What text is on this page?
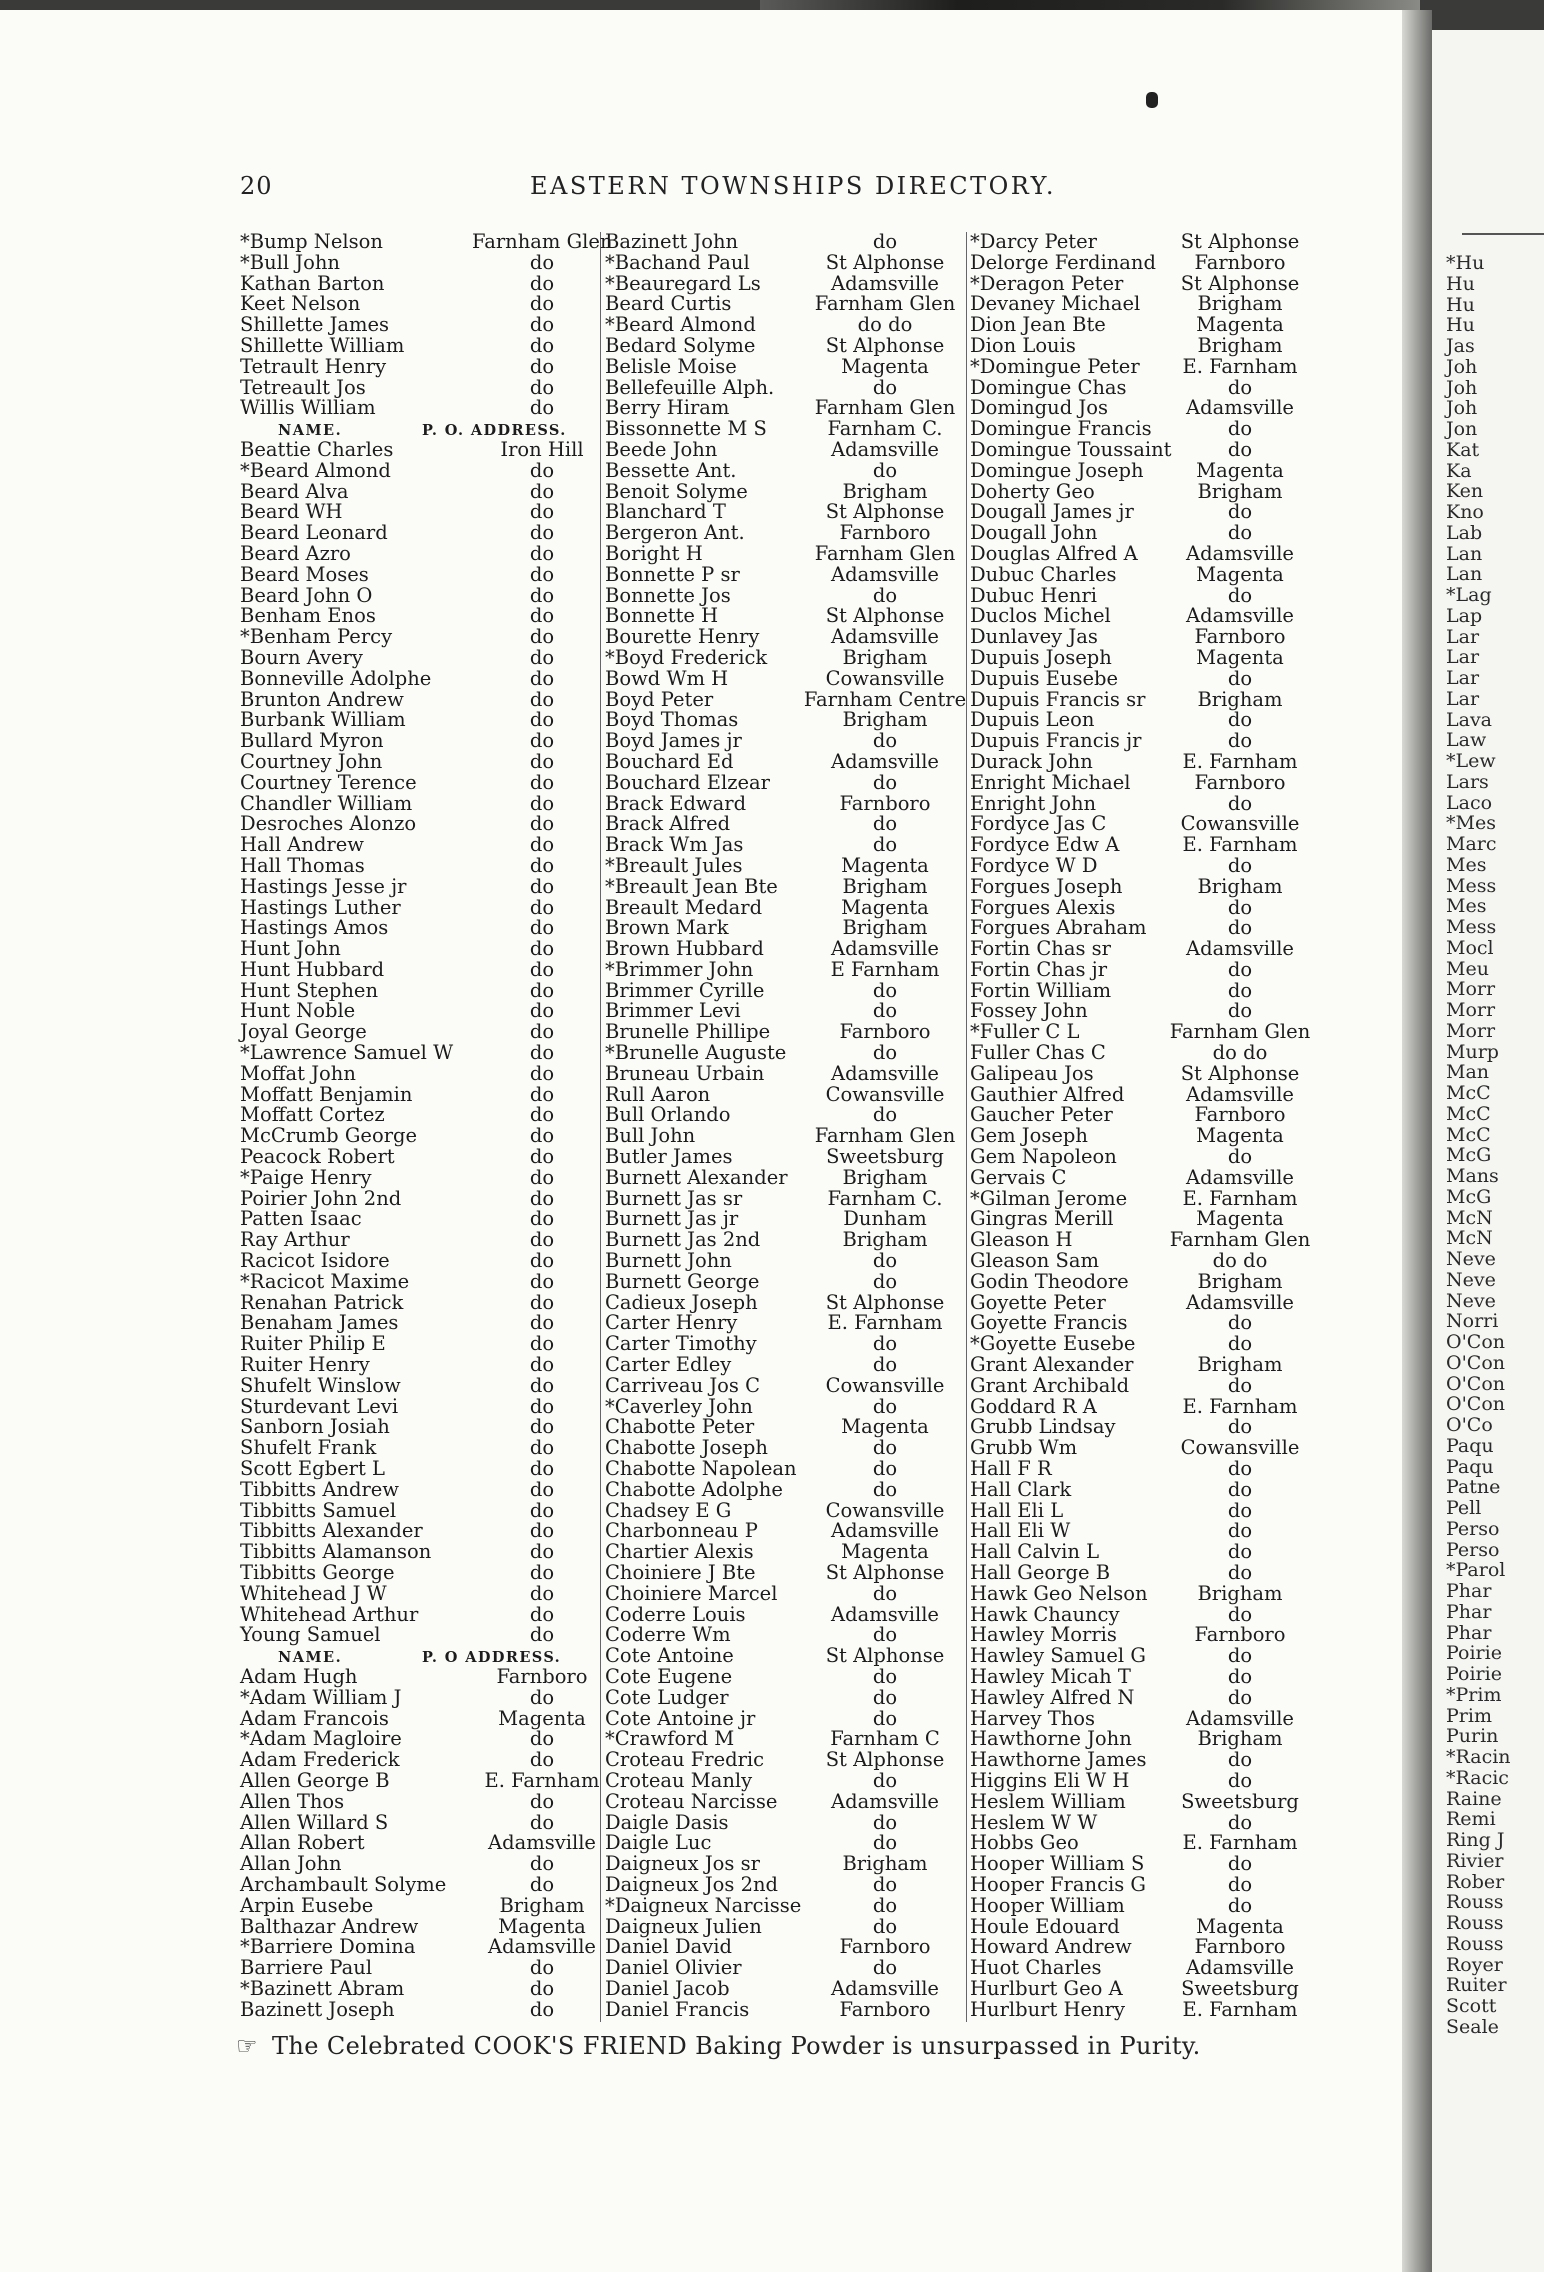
*Hu
Hu
Hu
Hu
Jas
Joh
Joh
Joh
Jon
Kat
Ka
Ken
Kno
Lab
Lan
Lan
*Lag
Lap
Lar
Lar
Lar
Lar
Lava
Law
*Lew
Lars
Laco
*Mes
Marc
Mes
Mess
Mes
Mess
Mocl
Meu
Morr
Morr
Morr
Murp
Man
McC
McC
McC
McG
Mans
McG
McN
McN
Neve
Neve
Neve
Norri
O'Con
O'Con
O'Con
O'Con
O'Co
Paqu
Paqu
Patne
Pell
Perso
Perso
*Parol
Phar
Phar
Phar
Poirie
Poirie
*Prim
Prim
Purin
*Racin
*Racic
Raine
Remi
Ring J
Rivier
Rober
Rouss
Rouss
Rouss
Royer
Ruiter
Scott
Seale
20	EASTERN TOWNSHIPS DIRECTORY.
*Bump Nelson	Farnham Glen
*Bull John	do
Kathan Barton	do
Keet Nelson	do
Shillette James	do
Shillette William	do
Tetrault Henry	do
Tetreault Jos	do
Willis William	do
NAME.	P. O. ADDRESS.
Beattie Charles	Iron Hill
*Beard Almond	do
Beard Alva	do
Beard WH	do
Beard Leonard	do
Beard Azro	do
Beard Moses	do
Beard John O	do
Benham Enos	do
*Benham Percy	do
Bourn Avery	do
Bonneville Adolphe	do
Brunton Andrew	do
Burbank William	do
Bullard Myron	do
Courtney John	do
Courtney Terence	do
Chandler William	do
Desroches Alonzo	do
Hall Andrew	do
Hall Thomas	do
Hastings Jesse jr	do
Hastings Luther	do
Hastings Amos	do
Hunt John	do
Hunt Hubbard	do
Hunt Stephen	do
Hunt Noble	do
Joyal George	do
*Lawrence Samuel W	do
Moffat John	do
Moffatt Benjamin	do
Moffatt Cortez	do
McCrumb George	do
Peacock Robert	do
*Paige Henry	do
Poirier John 2nd	do
Patten Isaac	do
Ray Arthur	do
Racicot Isidore	do
*Racicot Maxime	do
Renahan Patrick	do
Benaham James	do
Ruiter Philip E	do
Ruiter Henry	do
Shufelt Winslow	do
Sturdevant Levi	do
Sanborn Josiah	do
Shufelt Frank	do
Scott Egbert L	do
Tibbitts Andrew	do
Tibbitts Samuel	do
Tibbitts Alexander	do
Tibbitts Alamanson	do
Tibbitts George	do
Whitehead J W	do
Whitehead Arthur	do
Young Samuel	do
NAME.	P. O ADDRESS.
Adam Hugh	Farnboro
*Adam William J	do
Adam Francois	Magenta
*Adam Magloire	do
Adam Frederick	do
Allen George B	E. Farnham
Allen Thos	do
Allen Willard S	do
Allan Robert	Adamsville
Allan John	do
Archambault Solyme	do
Arpin Eusebe	Brigham
Balthazar Andrew	Magenta
*Barriere Domina	Adamsville
Barriere Paul	do
*Bazinett Abram	do
Bazinett Joseph	do
Bazinett John	do
*Bachand Paul	St Alphonse
*Beauregard Ls	Adamsville
Beard Curtis	Farnham Glen
*Beard Almond	do do
Bedard Solyme	St Alphonse
Belisle Moise	Magenta
Bellefeuille Alph.	do
Berry Hiram	Farnham Glen
Bissonnette M S	Farnham C.
Beede John	Adamsville
Bessette Ant.	do
Benoit Solyme	Brigham
Blanchard T	St Alphonse
Bergeron Ant.	Farnboro
Boright H	Farnham Glen
Bonnette P sr	Adamsville
Bonnette Jos	do
Bonnette H	St Alphonse
Bourette Henry	Adamsville
*Boyd Frederick	Brigham
Bowd Wm H	Cowansville
Boyd Peter	Farnham Centre
Boyd Thomas	Brigham
Boyd James jr	do
Bouchard Ed	Adamsville
Bouchard Elzear	do
Brack Edward	Farnboro
Brack Alfred	do
Brack Wm Jas	do
*Breault Jules	Magenta
*Breault Jean Bte	Brigham
Breault Medard	Magenta
Brown Mark	Brigham
Brown Hubbard	Adamsville
*Brimmer John	E Farnham
Brimmer Cyrille	do
Brimmer Levi	do
Brunelle Phillipe	Farnboro
*Brunelle Auguste	do
Bruneau Urbain	Adamsville
Rull Aaron	Cowansville
Bull Orlando	do
Bull John	Farnham Glen
Butler James	Sweetsburg
Burnett Alexander	Brigham
Burnett Jas sr	Farnham C.
Burnett Jas jr	Dunham
Burnett Jas 2nd	Brigham
Burnett John	do
Burnett George	do
Cadieux Joseph	St Alphonse
Carter Henry	E. Farnham
Carter Timothy	do
Carter Edley	do
Carriveau Jos C	Cowansville
*Caverley John	do
Chabotte Peter	Magenta
Chabotte Joseph	do
Chabotte Napolean	do
Chabotte Adolphe	do
Chadsey E G	Cowansville
Charbonneau P	Adamsville
Chartier Alexis	Magenta
Choiniere J Bte	St Alphonse
Choiniere Marcel	do
Coderre Louis	Adamsville
Coderre Wm	do
Cote Antoine	St Alphonse
Cote Eugene	do
Cote Ludger	do
Cote Antoine jr	do
*Crawford M	Farnham C
Croteau Fredric	St Alphonse
Croteau Manly	do
Croteau Narcisse	Adamsville
Daigle Dasis	do
Daigle Luc	do
Daigneux Jos sr	Brigham
Daigneux Jos 2nd	do
*Daigneux Narcisse	do
Daigneux Julien	do
Daniel David	Farnboro
Daniel Olivier	do
Daniel Jacob	Adamsville
Daniel Francis	Farnboro
*Darcy Peter	St Alphonse
Delorge Ferdinand	Farnboro
*Deragon Peter	St Alphonse
Devaney Michael	Brigham
Dion Jean Bte	Magenta
Dion Louis	Brigham
*Domingue Peter	E. Farnham
Domingue Chas	do
Domingud Jos	Adamsville
Domingue Francis	do
Domingue Toussaint	do
Domingue Joseph	Magenta
Doherty Geo	Brigham
Dougall James jr	do
Dougall John	do
Douglas Alfred A	Adamsville
Dubuc Charles	Magenta
Dubuc Henri	do
Duclos Michel	Adamsville
Dunlavey Jas	Farnboro
Dupuis Joseph	Magenta
Dupuis Eusebe	do
Dupuis Francis sr	Brigham
Dupuis Leon	do
Dupuis Francis jr	do
Durack John	E. Farnham
Enright Michael	Farnboro
Enright John	do
Fordyce Jas C	Cowansville
Fordyce Edw A	E. Farnham
Fordyce W D	do
Forgues Joseph	Brigham
Forgues Alexis	do
Forgues Abraham	do
Fortin Chas sr	Adamsville
Fortin Chas jr	do
Fortin William	do
Fossey John	do
*Fuller C L	Farnham Glen
Fuller Chas C	do do
Galipeau Jos	St Alphonse
Gauthier Alfred	Adamsville
Gaucher Peter	Farnboro
Gem Joseph	Magenta
Gem Napoleon	do
Gervais C	Adamsville
*Gilman Jerome	E. Farnham
Gingras Merill	Magenta
Gleason H	Farnham Glen
Gleason Sam	do do
Godin Theodore	Brigham
Goyette Peter	Adamsville
Goyette Francis	do
*Goyette Eusebe	do
Grant Alexander	Brigham
Grant Archibald	do
Goddard R A	E. Farnham
Grubb Lindsay	do
Grubb Wm	Cowansville
Hall F R	do
Hall Clark	do
Hall Eli L	do
Hall Eli W	do
Hall Calvin L	do
Hall George B	do
Hawk Geo Nelson	Brigham
Hawk Chauncy	do
Hawley Morris	Farnboro
Hawley Samuel G	do
Hawley Micah T	do
Hawley Alfred N	do
Harvey Thos	Adamsville
Hawthorne John	Brigham
Hawthorne James	do
Higgins Eli W H	do
Heslem William	Sweetsburg
Heslem W W	do
Hobbs Geo	E. Farnham
Hooper William S	do
Hooper Francis G	do
Hooper William	do
Houle Edouard	Magenta
Howard Andrew	Farnboro
Huot Charles	Adamsville
Hurlburt Geo A	Sweetsburg
Hurlburt Henry	E. Farnham
☞ The Celebrated COOK'S FRIEND Baking Powder is unsurpassed in Purity.
